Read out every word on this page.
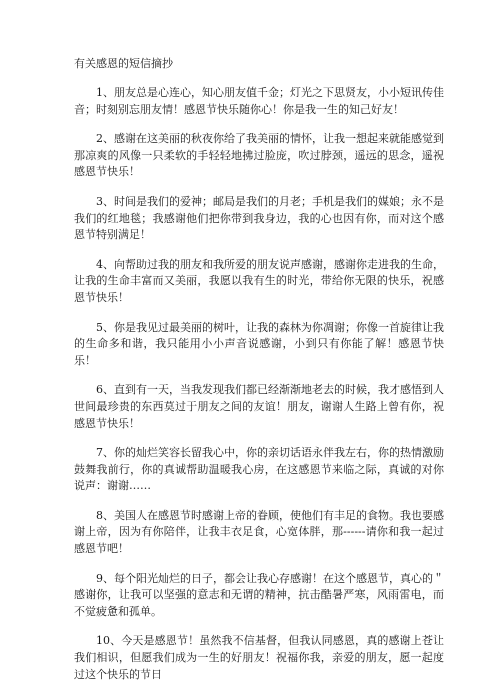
有关感恩的短信摘抄

1、朋友总是心连心，知心朋友值千金；灯光之下思贤友，小小短讯传佳音；时刻别忘朋友情！感恩节快乐随你心！你是我一生的知己好友！

2、感谢在这美丽的秋夜你给了我美丽的情怀，让我一想起来就能感觉到那凉爽的风像一只柔软的手轻轻地拂过脸庞，吹过脖颈，遥远的思念，遥祝感恩节快乐！

3、时间是我们的爱神；邮局是我们的月老；手机是我们的媒娘；永不是我们的红地毯；我感谢他们把你带到我身边，我的心也因有你，而对这个感恩节特别满足！

4、向帮助过我的朋友和我所爱的朋友说声感谢，感谢你走进我的生命，让我的生命丰富而又美丽，我愿以我有生的时光，带给你无限的快乐，祝感恩节快乐！

5、你是我见过最美丽的树叶，让我的森林为你凋谢；你像一首旋律让我的生命多和谐，我只能用小小声音说感谢，小到只有你能了解！感恩节快乐！

6、直到有一天，当我发现我们都已经渐渐地老去的时候，我才感悟到人世间最珍贵的东西莫过于朋友之间的友谊！朋友，谢谢人生路上曾有你，祝感恩节快乐！

7、你的灿烂笑容长留我心中，你的亲切话语永伴我左右，你的热情激励鼓舞我前行，你的真诚帮助温暖我心房，在这感恩节来临之际，真诚的对你说声：谢谢……

8、美国人在感恩节时感谢上帝的眷顾，使他们有丰足的食物。我也要感谢上帝，因为有你陪伴，让我丰衣足食，心宽体胖，那------请你和我一起过感恩节吧！

9、每个阳光灿烂的日子，都会让我心存感谢！在这个感恩节，真心的＂感谢你，让我可以坚强的意志和无谓的精神，抗击酷暑严寒，风雨雷电，而不觉疲惫和孤单。

10、今天是感恩节！虽然我不信基督，但我认同感恩，真的感谢上苍让我们相识，但愿我们成为一生的好朋友！祝福你我，亲爱的朋友，愿一起度过这个快乐的节日
